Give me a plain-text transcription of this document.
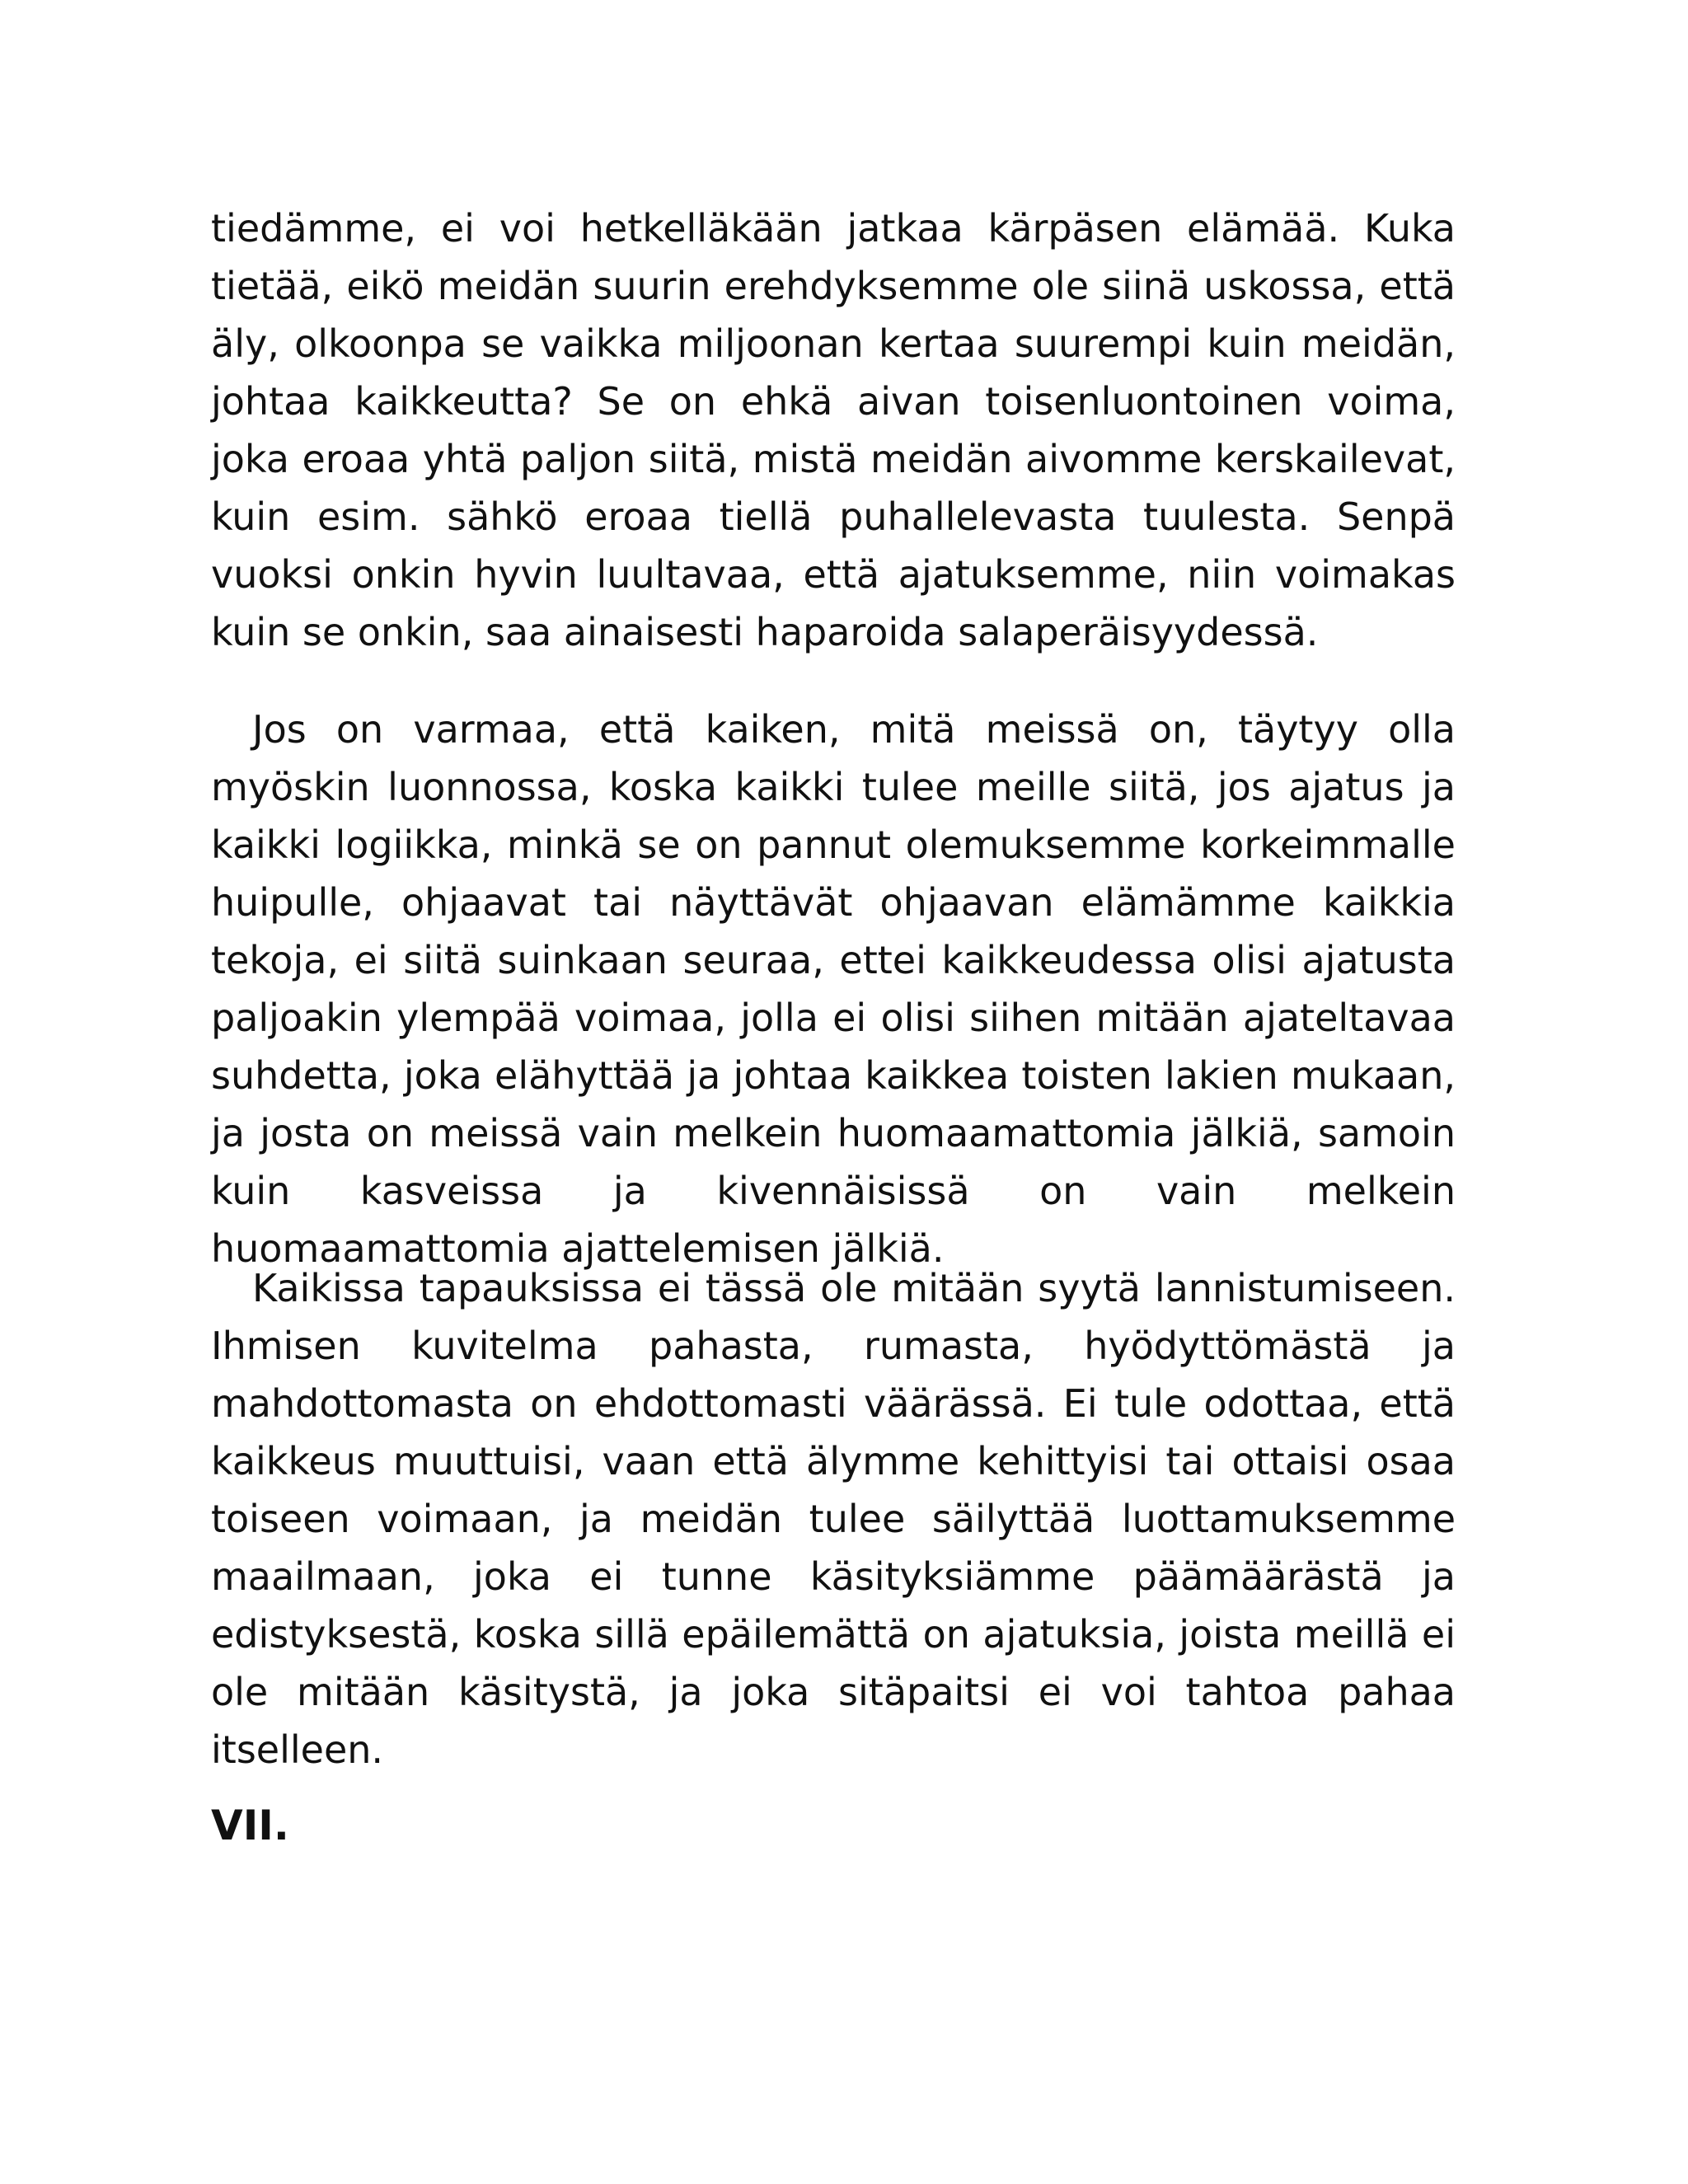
tiedämme, ei voi hetkelläkään jatkaa kärpäsen elämää. Kuka tietää, eikö meidän suurin erehdyksemme ole siinä uskossa, että äly, olkoonpa se vaikka miljoonan kertaa suurempi kuin meidän, johtaa kaikkeutta? Se on ehkä aivan toisenluontoinen voima, joka eroaa yhtä paljon siitä, mistä meidän aivomme kerskailevat, kuin esim. sähkö eroaa tiellä puhallelevasta tuulesta. Senpä vuoksi onkin hyvin luultavaa, että ajatuksemme, niin voimakas kuin se onkin, saa ainaisesti haparoida salaperäisyydessä.

Jos on varmaa, että kaiken, mitä meissä on, täytyy olla myöskin luonnossa, koska kaikki tulee meille siitä, jos ajatus ja kaikki logiikka, minkä se on pannut olemuksemme korkeimmalle huipulle, ohjaavat tai näyttävät ohjaavan elämämme kaikkia tekoja, ei siitä suinkaan seuraa, ettei kaikkeudessa olisi ajatusta paljoakin ylempää voimaa, jolla ei olisi siihen mitään ajateltavaa suhdetta, joka elähyttää ja johtaa kaikkea toisten lakien mukaan, ja josta on meissä vain melkein huomaamattomia jälkiä, samoin kuin kasveissa ja kivennäisissä on vain melkein huomaamattomia ajattelemisen jälkiä.

Kaikissa tapauksissa ei tässä ole mitään syytä lannistumiseen. Ihmisen kuvitelma pahasta, rumasta, hyödyttömästä ja mahdottomasta on ehdottomasti väärässä. Ei tule odottaa, että kaikkeus muuttuisi, vaan että älymme kehittyisi tai ottaisi osaa toiseen voimaan, ja meidän tulee säilyttää luottamuksemme maailmaan, joka ei tunne käsityksiämme päämäärästä ja edistyksestä, koska sillä epäilemättä on ajatuksia, joista meillä ei ole mitään käsitystä, ja joka sitäpaitsi ei voi tahtoa pahaa itselleen.

VII.
